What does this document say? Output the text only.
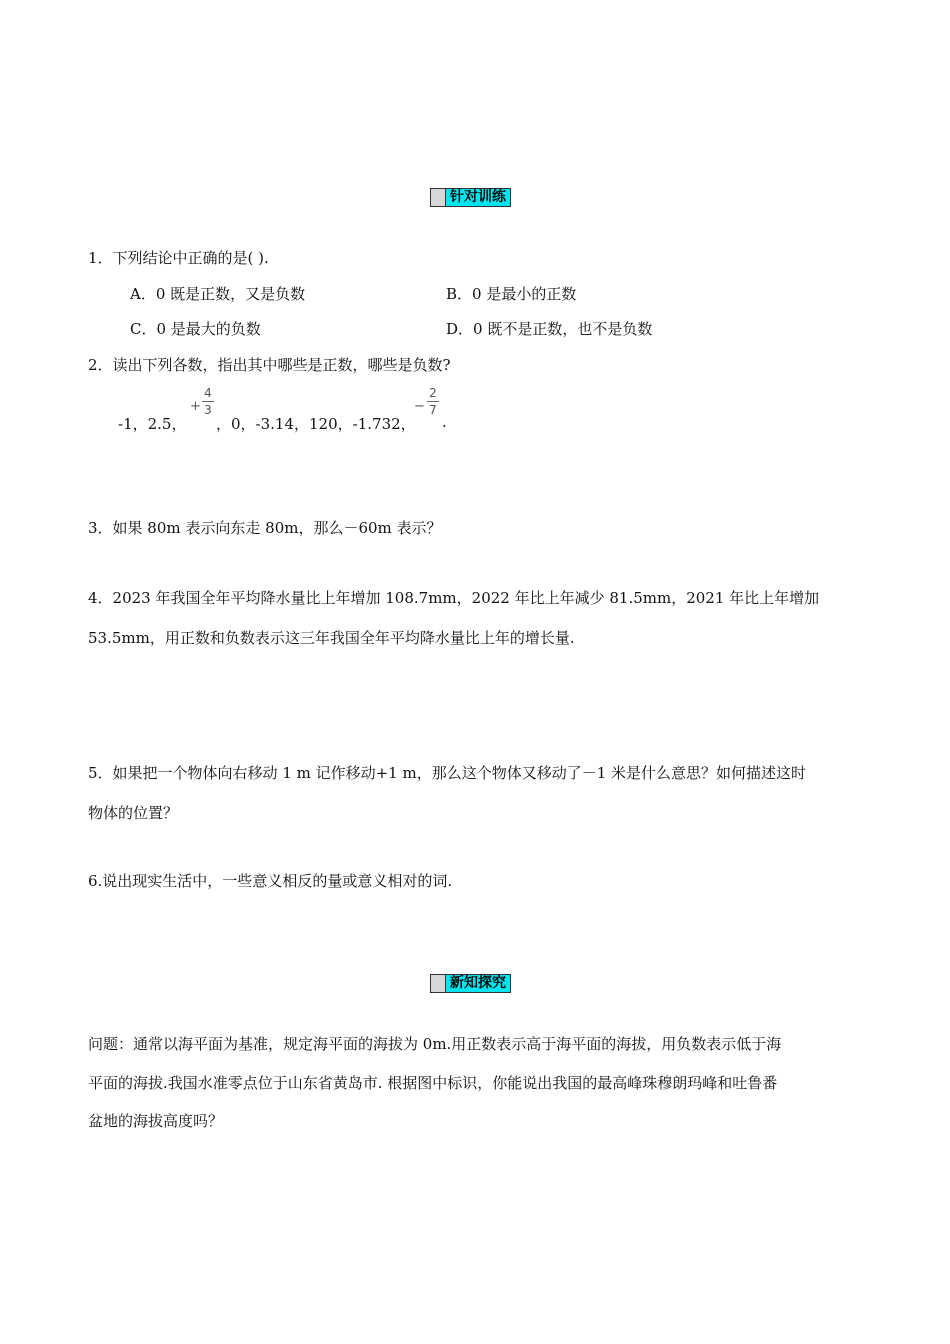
针对训练
1．下列结论中正确的是( ).
A．0 既是正数，又是负数	B．0 是最小的正数
C．0 是最大的负数	D．0 既不是正数，也不是负数
2．读出下列各数，指出其中哪些是正数，哪些是负数?
-1，2.5，
+
4
3
，0，-3.14，120，-1.732，
−
2
7
.
3．如果 80m 表示向东走 80m，那么－60m 表示？
4．2023 年我国全年平均降水量比上年增加 108.7mm，2022 年比上年减少 81.5mm，2021 年比上年增加
53.5mm，用正数和负数表示这三年我国全年平均降水量比上年的增长量.
5．如果把一个物体向右移动 1 m 记作移动+1 m，那么这个物体又移动了－1 米是什么意思？如何描述这时
物体的位置？
6.说出现实生活中，一些意义相反的量或意义相对的词.
新知探究
问题：通常以海平面为基准，规定海平面的海拔为 0m.用正数表示高于海平面的海拔，用负数表示低于海
平面的海拔.我国水准零点位于山东省黄岛市. 根据图中标识，你能说出我国的最高峰珠穆朗玛峰和吐鲁番
盆地的海拔高度吗？
